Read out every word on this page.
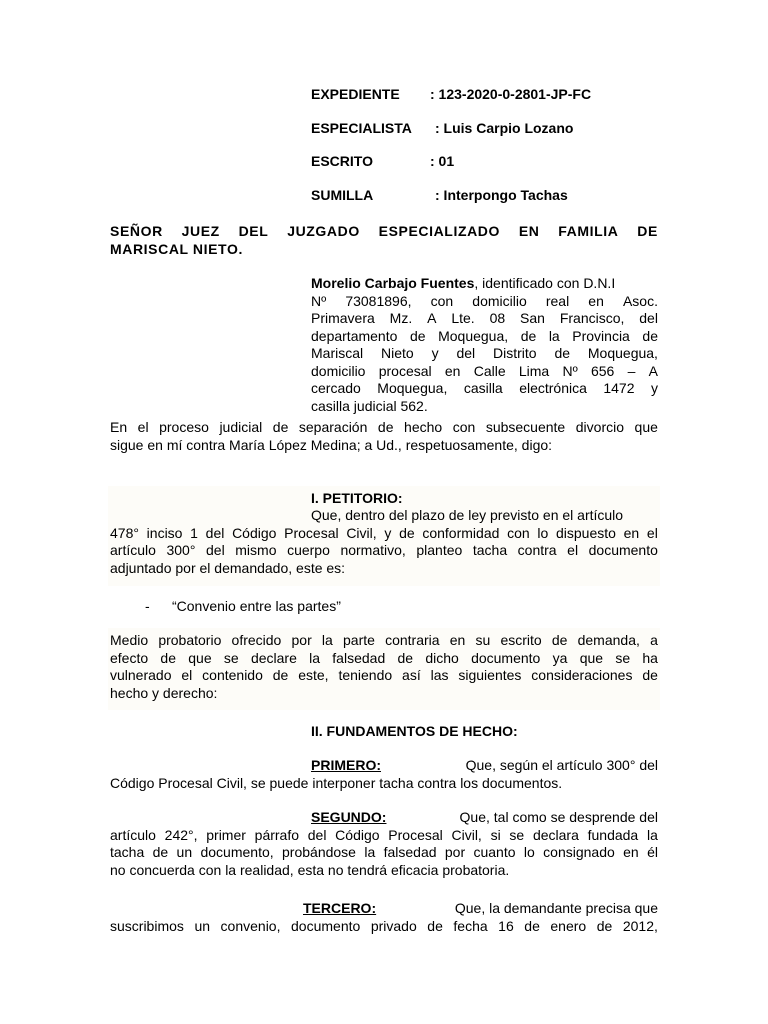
EXPEDIENTE : 123-2020-0-2801-JP-FC
ESPECIALISTA : Luis Carpio Lozano
ESCRITO	: 01
SUMILLA	: Interpongo Tachas
SEÑOR JUEZ DEL JUZGADO ESPECIALIZADO EN FAMILIA DE
MARISCAL NIETO.
Morelio Carbajo Fuentes, identificado con D.N.I
Nº 73081896, con domicilio real en Asoc.
Primavera Mz. A Lte. 08 San Francisco, del
departamento de Moquegua, de la Provincia de
Mariscal Nieto y del Distrito de Moquegua,
domicilio procesal en Calle Lima Nº 656 – A
cercado Moquegua, casilla electrónica 1472 y
casilla judicial 562.
En el proceso judicial de separación de hecho con subsecuente divorcio que
sigue en mí contra María López Medina; a Ud., respetuosamente, digo:
I. PETITORIO:
Que, dentro del plazo de ley previsto en el artículo
478° inciso 1 del Código Procesal Civil, y de conformidad con lo dispuesto en el
artículo 300° del mismo cuerpo normativo, planteo tacha contra el documento
adjuntado por el demandado, este es:
- “Convenio entre las partes”
Medio probatorio ofrecido por la parte contraria en su escrito de demanda, a
efecto de que se declare la falsedad de dicho documento ya que se ha
vulnerado el contenido de este, teniendo así las siguientes consideraciones de
hecho y derecho:
II. FUNDAMENTOS DE HECHO:
PRIMERO:	Que, según el artículo 300° del
Código Procesal Civil, se puede interponer tacha contra los documentos.
SEGUNDO:	Que, tal como se desprende del
artículo 242°, primer párrafo del Código Procesal Civil, si se declara fundada la
tacha de un documento, probándose la falsedad por cuanto lo consignado en él
no concuerda con la realidad, esta no tendrá eficacia probatoria.
TERCERO:	Que, la demandante precisa que
suscribimos un convenio, documento privado de fecha 16 de enero de 2012,
